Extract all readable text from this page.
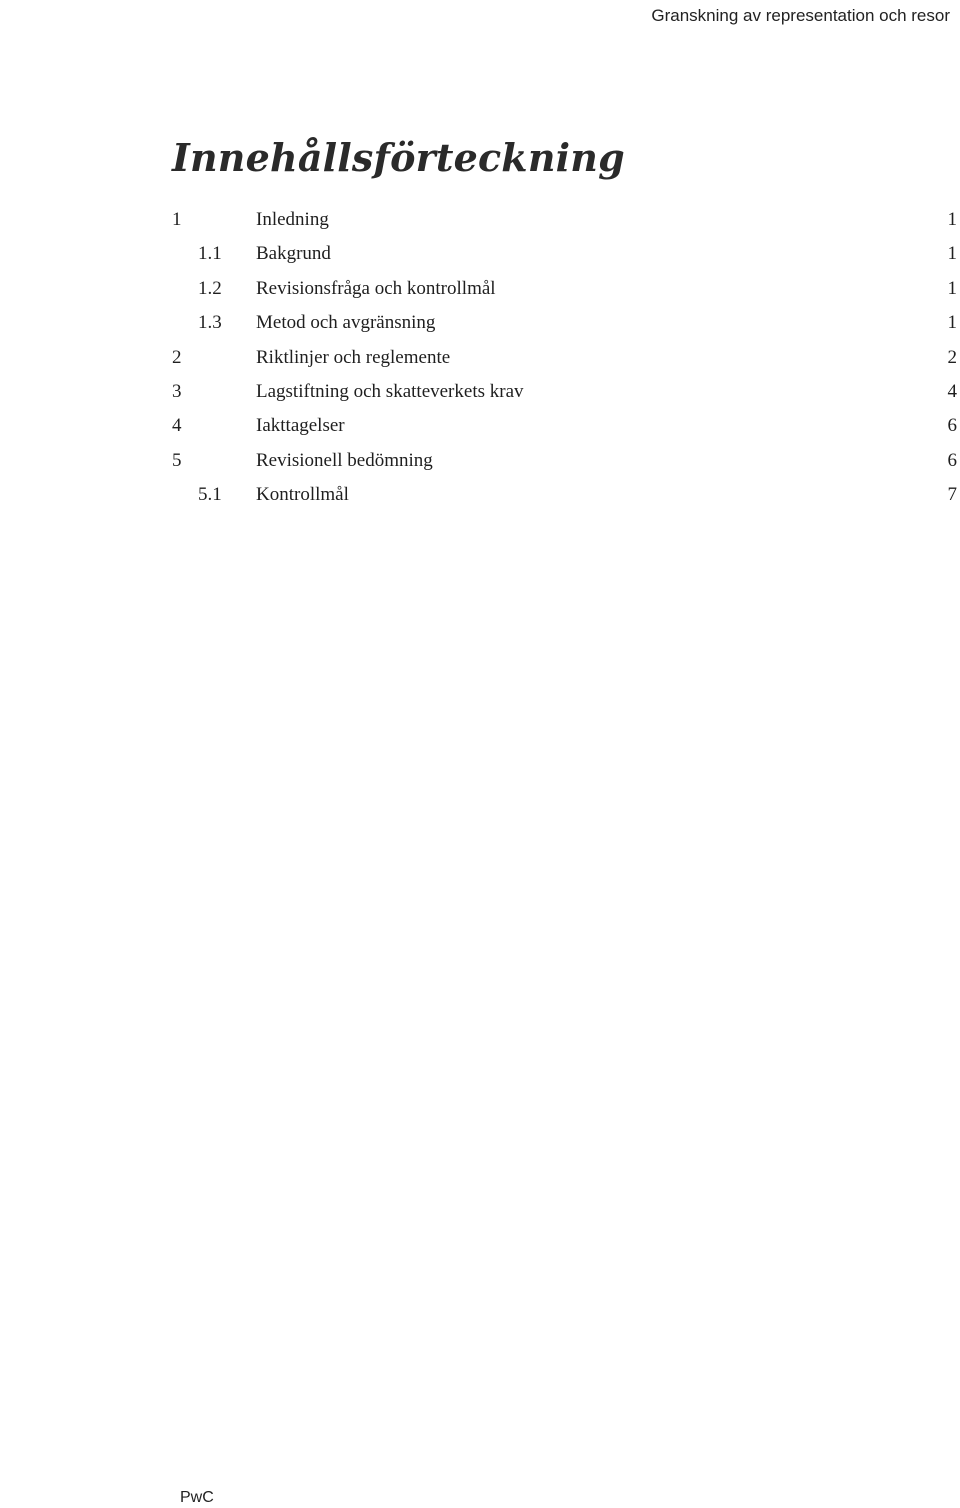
Granskning av representation och resor
Innehållsförteckning
1	Inledning	1
1.1 Bakgrund	1
1.2 Revisionsfråga och kontrollmål	1
1.3 Metod och avgränsning	1
2	Riktlinjer och reglemente	2
3	Lagstiftning och skatteverkets krav	4
4	Iakttagelser	6
5	Revisionell bedömning	6
5.1 Kontrollmål	7
PwC
